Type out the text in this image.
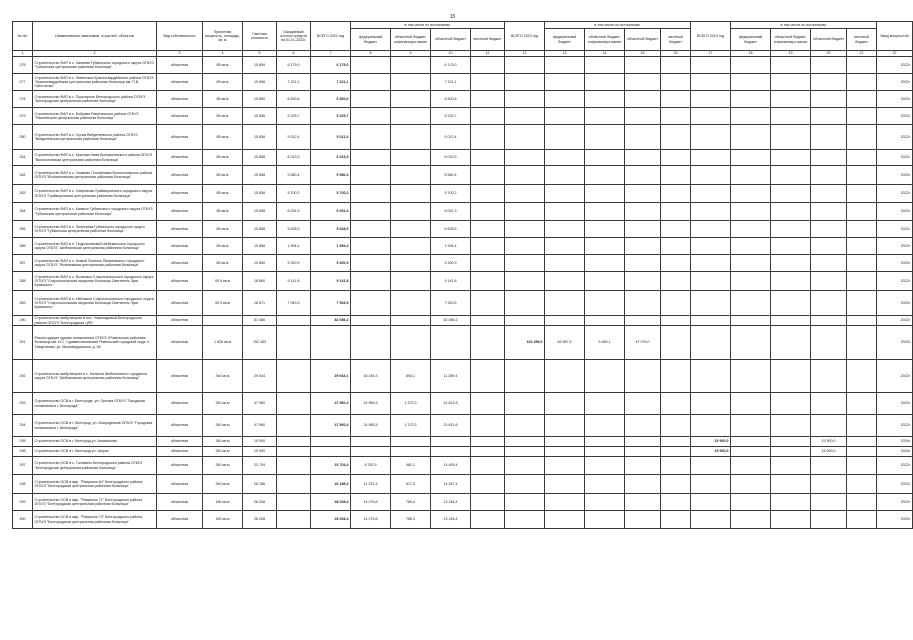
15
№ п/п	Наименование заказчиков, отраслей, объектов	Вид собственности	Проектная мощность, площадь, кв. м	Сметная стоимость	Ожидаемый остаток средств на 01.01.2022г.	ВСЕГО 2022 год	в том числе по источникам:				ВСЕГО 2023 год	в том числе по источникам:				ВСЕГО 2024 год	в том числе по источникам:				Ввод мощностей
							федеральный бюджет	областной бюджет, софинансиро-вание	областной бюджет	местный бюджет		федеральный бюджет	областной бюджет, софинансиро-вание	областной бюджет	местный бюджет		федеральный бюджет	областной бюджет, софинансиро-вание	областной бюджет	местный бюджет	
1	2	3	4	5	6	7	8	9	10	11	12	13	14	15	16	17	18	19	20	21	22
276	Строительство ФАП в с. Чапаеве Губкинского городского округа ОГБУЗ "Губкинская центральная районная больница"	областная	85 кв.м	15 659	6 179,0	6 179,0			6 179,0												2022г.
277	Строительство ФАП в с. Ливенское Красногвардейского района ОГБУЗ "Красногвардейская центральная районная больница им. П.В. Гапотченко"	областная	85 кв.м	15 658	7 221,1	7 221,1			7 221,1												2022г.
278	Строительство ФАП в с. Пушкарное Белгородского района ОГБУЗ "Белгородская центральная районная больница"	областная	85 кв.м	15 850	6 500,6	6 500,6			6 500,6												2022г.
279	Строительство ФАП в с. Бобрава Ракитянского района ОГБУЗ "Ракитянская центральная районная больница"	областная	85 кв.м	15 858	5 225,7	5 225,7			5 225,7												2022г.
280	Строительство ФАП в с. Орлик Вейделевского района ОГБУЗ "Вейделевская центральная районная больница"	областная	85 кв.м	15 858	5 012,4	5 012,4			5 012,4												2022г.
281	Строительство ФАП в с. Красная Нива Волоконовского района ОГБУЗ "Волоконовская центральная районная больница"	областная	85 кв.м	15 858	6 019,3	6 019,3			6 019,3												2022г.
282	Строительство ФАП в с. Ушаково Голофеевка Волоконовского района ОГБУЗ "Волоконовская центральная районная больница"	областная	85 кв.м	15 858	5 580,4	5 580,4			5 580,4												2022г.
283	Строительство ФАП в с. Севрюково Грайворонского городского округа ОГБУЗ "Грайворонская центральная районная больница"	областная	85 кв.м	15 858	5 700,2	5 700,2			5 700,2												2022г.
284	Строительство ФАП в с. Казачок Губкинского городского округа ОГБУЗ "Губкинская центральная районная больница"	областная	85 кв.м	15 658	6 091,3	6 091,3			6 091,3												2022г.
285	Строительство ФАП в с. Лопухинка Губкинского городского округа ОГБУЗ "Губкинская центральная районная больница"	областная	85 кв.м	15 858	5 628,5	5 628,5			5 628,5												2022г.
286	Строительство ФАП в п. Подольховский Шебекинского городского округа ОГБУЗ "Шебекинская центральная районная больница"	областная	85 кв.м	15 858	1 994,4	1 994,4			1 994,4												2022г.
287	Строительство ФАП в с. Новый Поселок Яковлевского городского округа ОГБУЗ "Яковлевская центральная районная больница"	областная	85 кв.м	15 850	5 300,9	5 300,9			5 300,9												2022г.
288	Строительство ФАП в с. Бычковка Старооскольского городского округа ОГБУЗ "Старооскольская окружная больница Святителя Луки Крымского"	областная	90,9 кв.м	18 660	9 141,8	9 141,8			9 141,8												2022г.
289	Строительство ФАП в п. Набокино Старооскольского городского округа ОГБУЗ "Старооскольская окружная больница Святителя Луки Крымского"	областная	90,9 кв.м	18 871	7 943,5	7 943,5			7 943,5												2022г.
290	Строительство амбулатории в пос. Новосадовый Белгородского района ОГБУЗ "Белгородская ЦРБ"	областная		81 086		82 086,2			82 086,2												2022г.
291	Реконструкция здания поликлиники ОГБУЗ «Ровеньская районная больница им. И.С. Сдамвесильевский Ровеньский городской округ, п. Тахарчиевы, ул. Мальвердовская, д. 66	областная	1 628 кв.м	152 453							102 499,0	63 967,5	5 489,1	47 076,0							2023г.
292	Строительство амбулатории в с. Белянка Шебекинского городского округа ОГБУЗ "Шебекинская центральная районная больница"	областная	340 кв.м	29 544		29 544,1	16 245,3	893,1	11 289,4												2022г.
293	Строительство ОСВ в г. Белгороде, ул. Орлова ОГБУЗ "Городская поликлиника г. Белгорода"	областная	340 кв.м	47 960		47 960,4	24 965,5	1 373,3	21 621,6												2022г.
294	Строительство ОСВ в г. Белгород, ул. Мокроденков ОГБУЗ "Городская поликлиника г. Белгорода"	областная	340 кв.м	47 960		47 960,4	24 965,5	1 373,3	21 621,6												2022г.
295	Строительство ОСВ в г. Белгород ул. Апанасенко	областная	340 кв.м	15 900												15 900,0			15 900,0		2024г.
296	Строительство ОСВ в г. Белгород ул. Шорса	областная	340 кв.м	15 900												15 900,0			15 900,0		2024г.
297	Строительство ОСВ в с. Головино Белгородского района ОГБУЗ "Белгородская центральная районная больница"	областная	340 кв.м	23 704		23 704,4	8 762,9	482,1	14 459,4												2022г.
298	Строительство ОСВ в мкр. "Разумное-64" Белгородского района ОГБУЗ "Белгородская центральная районная больница"	областная	340 кв.м	26 188		26 188,4	11 223,3	617,5	14 347,4												2022г.
299	Строительство ОСВ в мкр. "Разумное-71" Белгородского района ОГБУЗ "Белгородская центральная районная больница"	областная	180 кв.м	28 208		28 208,4	14 276,6	785,4	13 146,4												2022г.
300	Строительство ОСВ в мкр. "Разумное-73" Белгородского района ОГБУЗ "Белгородская центральная районная больница"	областная	180 кв.м	28 208		28 208,4	14 276,6	785,4	13 146,4												2022г.
